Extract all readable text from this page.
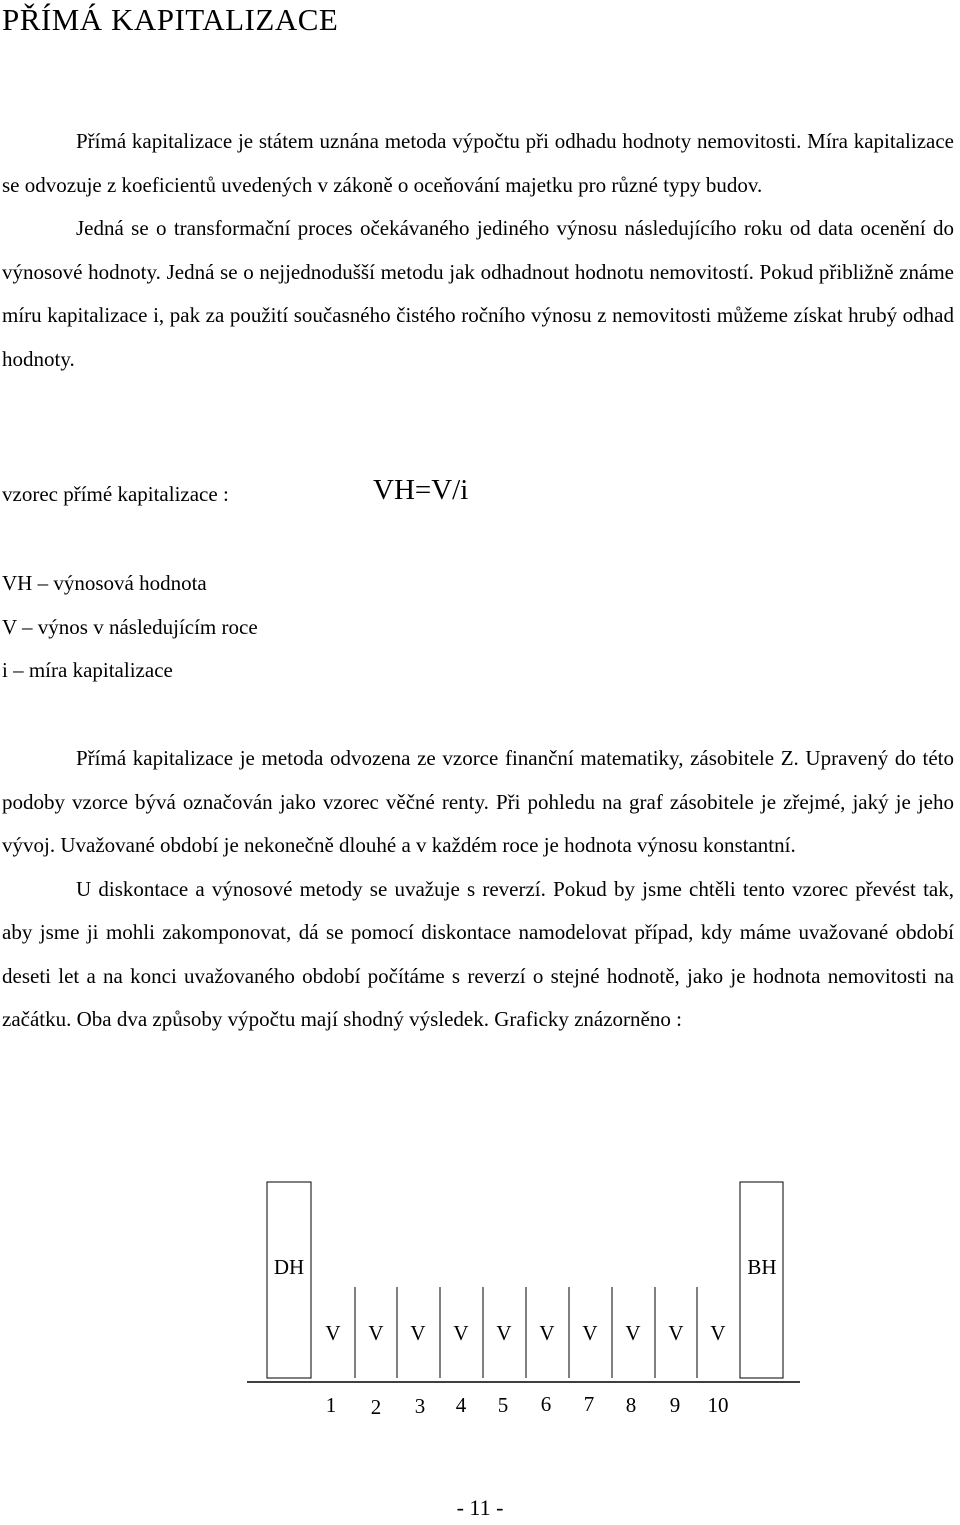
PŘÍMÁ KAPITALIZACE

Přímá kapitalizace je státem uznána metoda výpočtu při odhadu hodnoty nemovitosti. Míra kapitalizace se odvozuje z koeficientů uvedených v zákoně o oceňování majetku pro různé typy budov.

Jedná se o transformační proces očekávaného jediného výnosu následujícího roku od data ocenění do výnosové hodnoty. Jedná se o nejjednodušší metodu jak odhadnout hodnotu nemovitostí. Pokud přibližně známe míru kapitalizace i, pak za použití současného čistého ročního výnosu z nemovitosti můžeme získat hrubý odhad hodnoty.

vzorec přímé kapitalizace :	VH=V/i
VH – výnosová hodnota
V – výnos v následujícím roce
i – míra kapitalizace

Přímá kapitalizace je metoda odvozena ze vzorce finanční matematiky, zásobitele Z. Upravený do této podoby vzorce bývá označován jako vzorec věčné renty. Při pohledu na graf zásobitele je zřejmé, jaký je jeho vývoj. Uvažované období je nekonečně dlouhé a v každém roce je hodnota výnosu konstantní.

U diskontace a výnosové metody se uvažuje s reverzí. Pokud by jsme chtěli tento vzorec převést tak, aby jsme ji mohli zakomponovat, dá se pomocí diskontace namodelovat případ, kdy máme uvažované období deseti let a na konci uvažovaného období počítáme s reverzí o stejné hodnotě, jako je hodnota nemovitosti na začátku. Oba dva způsoby výpočtu mají shodný výsledek. Graficky znázorněno :

DH	BH
V V V V V V V V V V
1 2 3 4 5 6 7 8 9 10
- 11 -
